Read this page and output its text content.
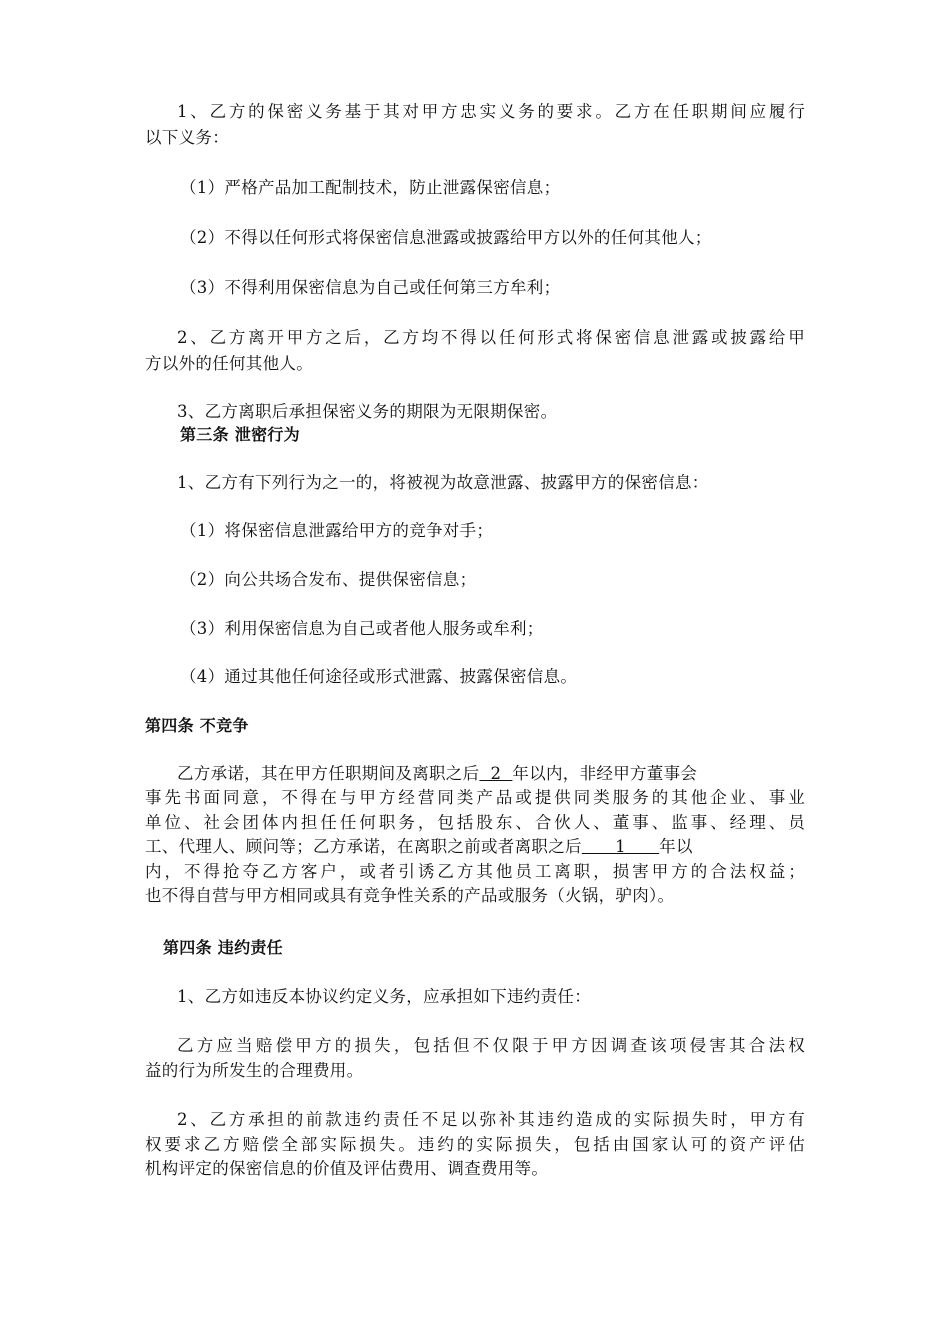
1、乙方的保密义务基于其对甲方忠实义务的要求。乙方在任职期间应履行
以下义务：
（1）严格产品加工配制技术，防止泄露保密信息；
（2）不得以任何形式将保密信息泄露或披露给甲方以外的任何其他人；
（3）不得利用保密信息为自己或任何第三方牟利；
2、乙方离开甲方之后，乙方均不得以任何形式将保密信息泄露或披露给甲
方以外的任何其他人。
3、乙方离职后承担保密义务的期限为无限期保密。
第三条 泄密行为
1、乙方有下列行为之一的，将被视为故意泄露、披露甲方的保密信息：
（1）将保密信息泄露给甲方的竞争对手；
（2）向公共场合发布、提供保密信息；
（3）利用保密信息为自己或者他人服务或牟利；
（4）通过其他任何途径或形式泄露、披露保密信息。
第四条 不竞争
乙方承诺，其在甲方任职期间及离职之后  2  年以内，非经甲方董事会
事先书面同意，不得在与甲方经营同类产品或提供同类服务的其他企业、事业
单位、社会团体内担任任何职务，包括股东、合伙人、董事、监事、经理、员
工、代理人、顾问等；乙方承诺，在离职之前或者离职之后      1      年以
内，不得抢夺乙方客户，或者引诱乙方其他员工离职，损害甲方的合法权益；
也不得自营与甲方相同或具有竞争性关系的产品或服务（火锅，驴肉）。
第四条 违约责任
1、乙方如违反本协议约定义务，应承担如下违约责任：
乙方应当赔偿甲方的损失，包括但不仅限于甲方因调查该项侵害其合法权
益的行为所发生的合理费用。
2、乙方承担的前款违约责任不足以弥补其违约造成的实际损失时，甲方有
权要求乙方赔偿全部实际损失。违约的实际损失，包括由国家认可的资产评估
机构评定的保密信息的价值及评估费用、调查费用等。
